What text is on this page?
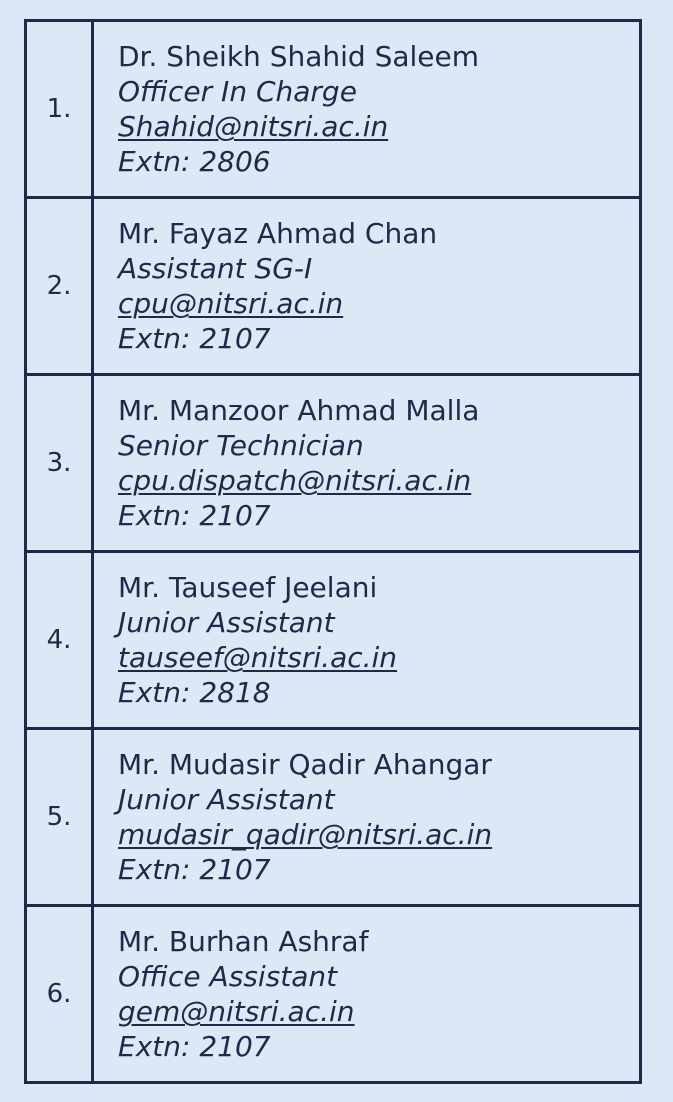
1.	Dr. Sheikh Shahid Saleem
Officer In Charge
Shahid@nitsri.ac.in
Extn: 2806

2.	Mr. Fayaz Ahmad Chan
Assistant SG-I
cpu@nitsri.ac.in
Extn: 2107

3.	Mr. Manzoor Ahmad Malla
Senior Technician
cpu.dispatch@nitsri.ac.in
Extn: 2107

4.	Mr. Tauseef Jeelani
Junior Assistant
tauseef@nitsri.ac.in
Extn: 2818

5.	Mr. Mudasir Qadir Ahangar
Junior Assistant
mudasir_qadir@nitsri.ac.in
Extn: 2107

6.	Mr. Burhan Ashraf
Office Assistant
gem@nitsri.ac.in
Extn: 2107
